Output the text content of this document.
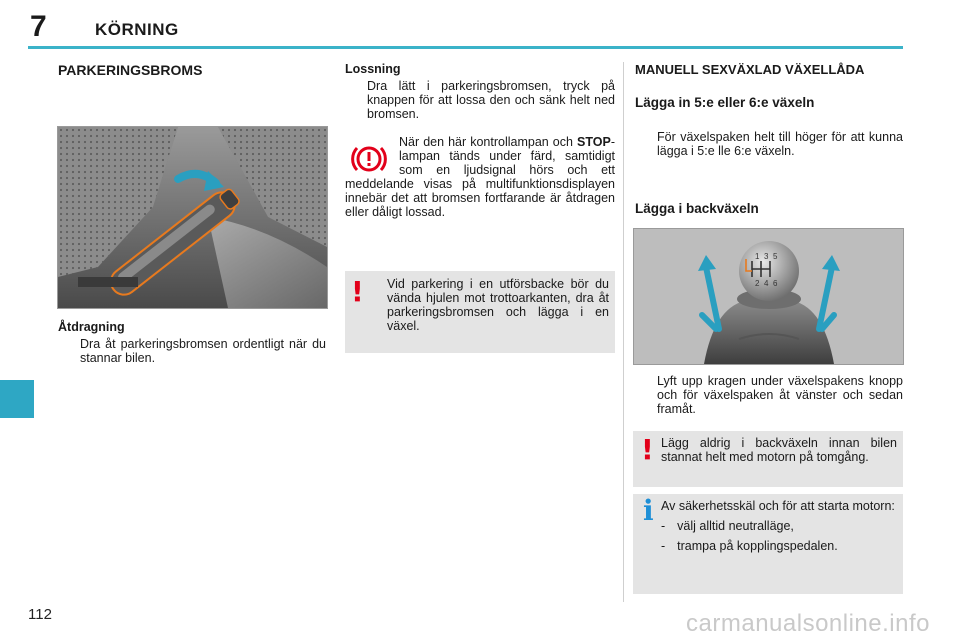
7	KÖRNING
112
PARKERINGSBROMS
Åtdragning
Dra åt parkeringsbromsen ordentligt när du stannar bilen.
Lossning
Dra lätt i parkeringsbromsen, tryck på knappen för att lossa den och sänk helt ned bromsen.
När den här kontrollampan och STOP-lampan tänds under färd, samtidigt som en ljudsignal hörs och ett meddelande visas på multifunktionsdisplayen innebär det att bromsen fortfarande är åtdragen eller dåligt lossad.
! Vid parkering i en utförsbacke bör du vända hjulen mot trottoarkanten, dra åt parkeringsbromsen och lägga i en växel.
MANUELL SEXVÄXLAD VÄXELLÅDA
Lägga in 5:e eller 6:e växeln
För växelspaken helt till höger för att kunna lägga i 5:e lle 6:e växeln.
Lägga i backväxeln
1 3 5
2 4 6
Lyft upp kragen under växelspakens knopp och för växelspaken åt vänster och sedan framåt.
! Lägg aldrig i backväxeln innan bilen stannat helt med motorn på tomgång.
i Av säkerhetsskäl och för att starta motorn:
- välj alltid neutralläge,
- trampa på kopplingspedalen.
carmanualsonline.info
